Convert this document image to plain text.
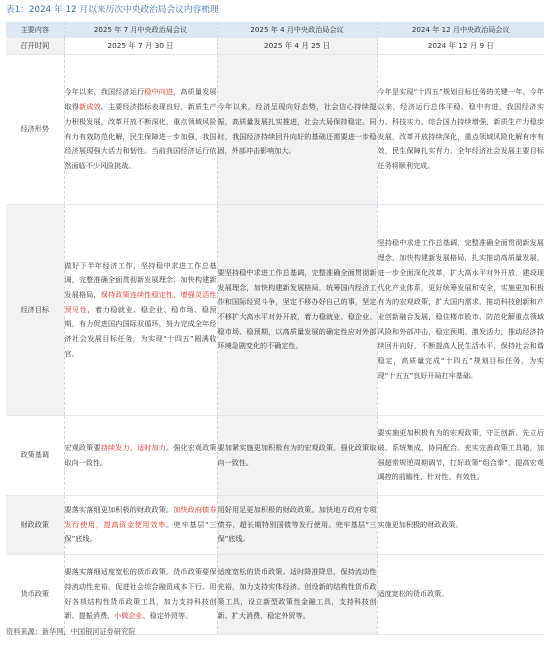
表1：2024 年 12 月以来历次中央政治局会议内容梳理
主要内容	2025 年 7 月中央政治局会议	2025 年 4 月中央政治局会议	2024 年 12 月中央政治局会议
召开时间	2025 年 7 月 30 日	2025 年 4 月 25 日	2024 年 12 月 9 日
经济形势	今年以来，我国经济运行稳中向进，高质量发展取得新成效。主要经济指标表现良好，新质生产力积极发展，改革开放不断深化，重点领域风险有力有效防范化解，民生保障进一步加强，我国经济展现强大活力和韧性。当前我国经济运行依然面临不少风险挑战。	今年以来，经济呈现向好态势，社会信心持续提振，高质量发展扎实推进，社会大局保持稳定。同时，我国经济持续回升向好的基础还需要进一步稳固，外部冲击影响加大。	今年是实现“十四五”规划目标任务的关键一年。今年以来，经济运行总体平稳、稳中有进，我国经济实力、科技实力、综合国力持续增强，新质生产力稳步发展，改革开放持续深化，重点领域风险化解有序有效，民生保障扎实有力，全年经济社会发展主要目标任务将顺利完成。
经济目标	做好下半年经济工作，坚持稳中求进工作总基调，完整准确全面贯彻新发展理念，加快构建新发展格局，保持政策连续性稳定性，增强灵活性预见性，着力稳就业、稳企业、稳市场、稳预期，有力促进国内国际双循环，努力完成全年经济社会发展目标任务，为实现“十四五”圆满收官。	要坚持稳中求进工作总基调，完整准确全面贯彻新发展理念，加快构建新发展格局，统筹国内经济工作和国际经贸斗争，坚定不移办好自己的事，坚定不移扩大高水平对外开放，着力稳就业、稳企业、稳市场、稳预期，以高质量发展的确定性应对外部环境急剧变化的不确定性。	坚持稳中求进工作总基调，完整准确全面贯彻新发展理念，加快构建新发展格局，扎实推动高质量发展，进一步全面深化改革，扩大高水平对外开放，建设现代化产业体系，更好统筹发展和安全，实施更加积极有为的宏观政策，扩大国内需求，推动科技创新和产业创新融合发展，稳住楼市股市，防范化解重点领域风险和外部冲击，稳定预期、激发活力，推动经济持续回升向好，不断提高人民生活水平，保持社会和谐稳定，高质量完成“十四五”规划目标任务，为实现“十五五”良好开局打牢基础。
政策基调	宏观政策要持续发力、适时加力。强化宏观政策取向一致性。	要加紧实施更加积极有为的宏观政策。强化政策取向一致性。	要实施更加积极有为的宏观政策，守正创新、先立后破、系统集成、协同配合。充实完善政策工具箱，加强超常规逆周期调节，打好政策“组合拳”，提高宏观调控的前瞻性、针对性、有效性。
财政政策	要落实落细更加积极的财政政策。加快政府债券发行使用，提高资金使用效率。兜牢基层“三保”底线。	用好用足更加积极的财政政策。加快地方政府专项债券、超长期特别国债等发行使用。兜牢基层“三保”底线。	实施更加积极的财政政策。
货币政策	要落实落细适度宽松的货币政策。货币政策要保持流动性充裕，促进社会综合融资成本下行。用好各项结构性货币政策工具，加力支持科技创新、提振消费、小微企业、稳定外贸等。	适度宽松的货币政策。适时降准降息，保持流动性充裕，加力支持实体经济。创设新的结构性货币政策工具，设立新型政策性金融工具，支持科技创新、扩大消费、稳定外贸等。	适度宽松的货币政策。
资料来源：新华网，中国银河证券研究院
